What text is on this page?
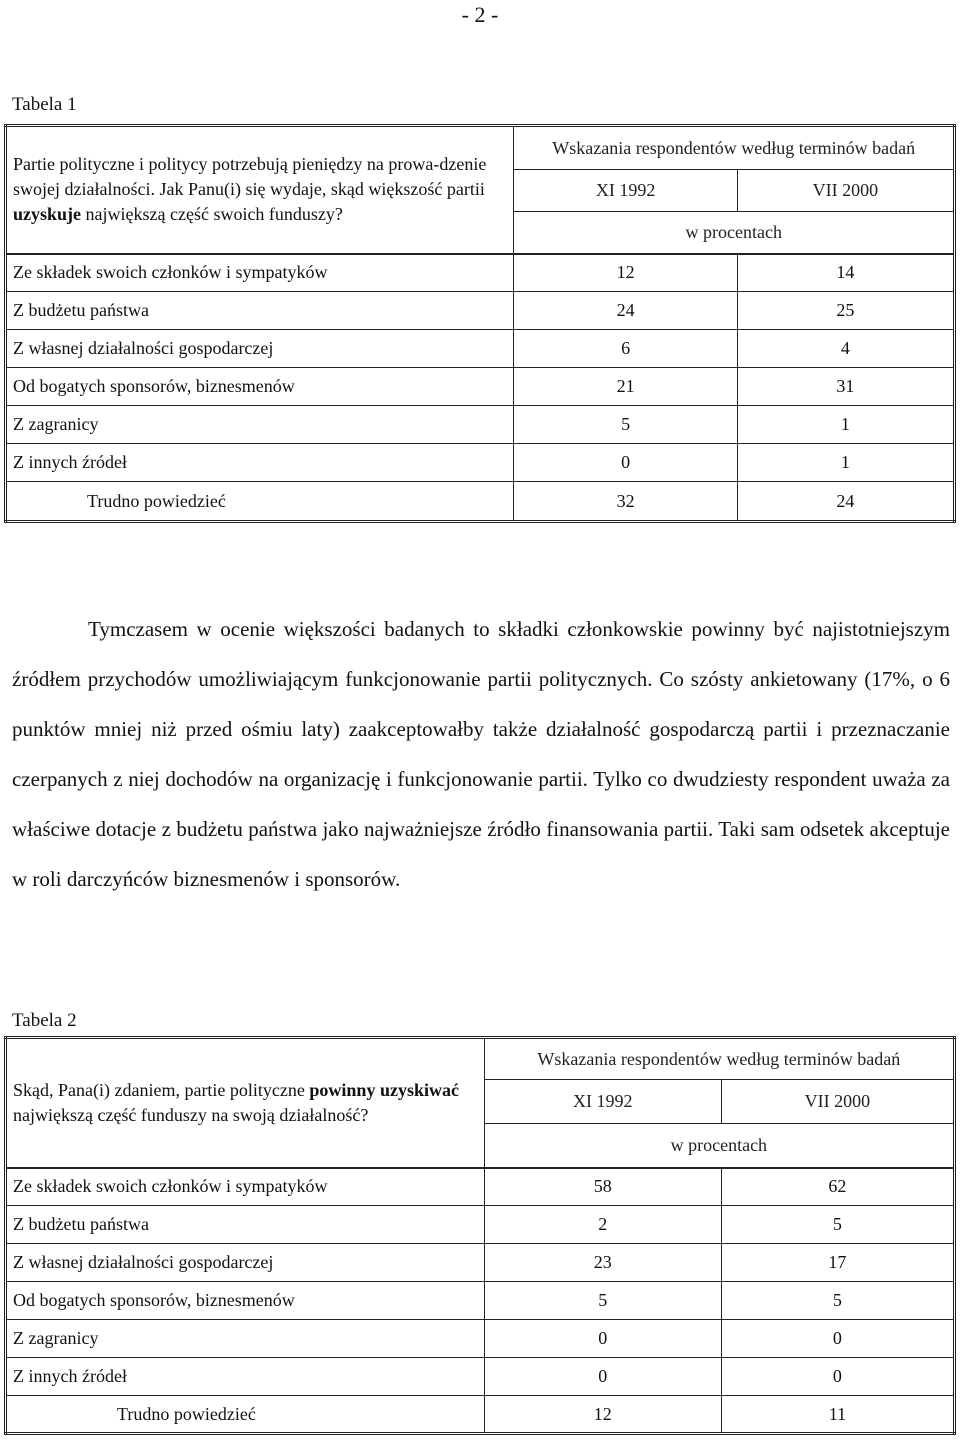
- 2 -
Tabela 1
Partie polityczne i politycy potrzebują pieniędzy na prowa-dzenie swojej działalności. Jak Panu(i) się wydaje, skąd większość partii uzyskuje największą część swoich funduszy?	Wskazania respondentów według terminów badań	
	XI 1992	VII 2000
	w procentach	
Ze składek swoich członków i sympatyków	12	14
Z budżetu państwa	24	25
Z własnej działalności gospodarczej	6	4
Od bogatych sponsorów, biznesmenów	21	31
Z zagranicy	5	1
Z innych źródeł	0	1
Trudno powiedzieć	32	24

Tymczasem w ocenie większości badanych to składki członkowskie powinny być najistotniejszym źródłem przychodów umożliwiającym funkcjonowanie partii politycznych. Co szósty ankietowany (17%, o 6 punktów mniej niż przed ośmiu laty) zaakceptowałby także działalność gospodarczą partii i przeznaczanie czerpanych z niej dochodów na organizację i funkcjonowanie partii. Tylko co dwudziesty respondent uważa za właściwe dotacje z budżetu państwa jako najważniejsze źródło finansowania partii. Taki sam odsetek akceptuje w roli darczyńców biznesmenów i sponsorów.

Tabela 2
Skąd, Pana(i) zdaniem, partie polityczne powinny uzyskiwać największą część funduszy na swoją działalność?	Wskazania respondentów według terminów badań	
	XI 1992	VII 2000
	w procentach	
Ze składek swoich członków i sympatyków	58	62
Z budżetu państwa	2	5
Z własnej działalności gospodarczej	23	17
Od bogatych sponsorów, biznesmenów	5	5
Z zagranicy	0	0
Z innych źródeł	0	0
Trudno powiedzieć	12	11
